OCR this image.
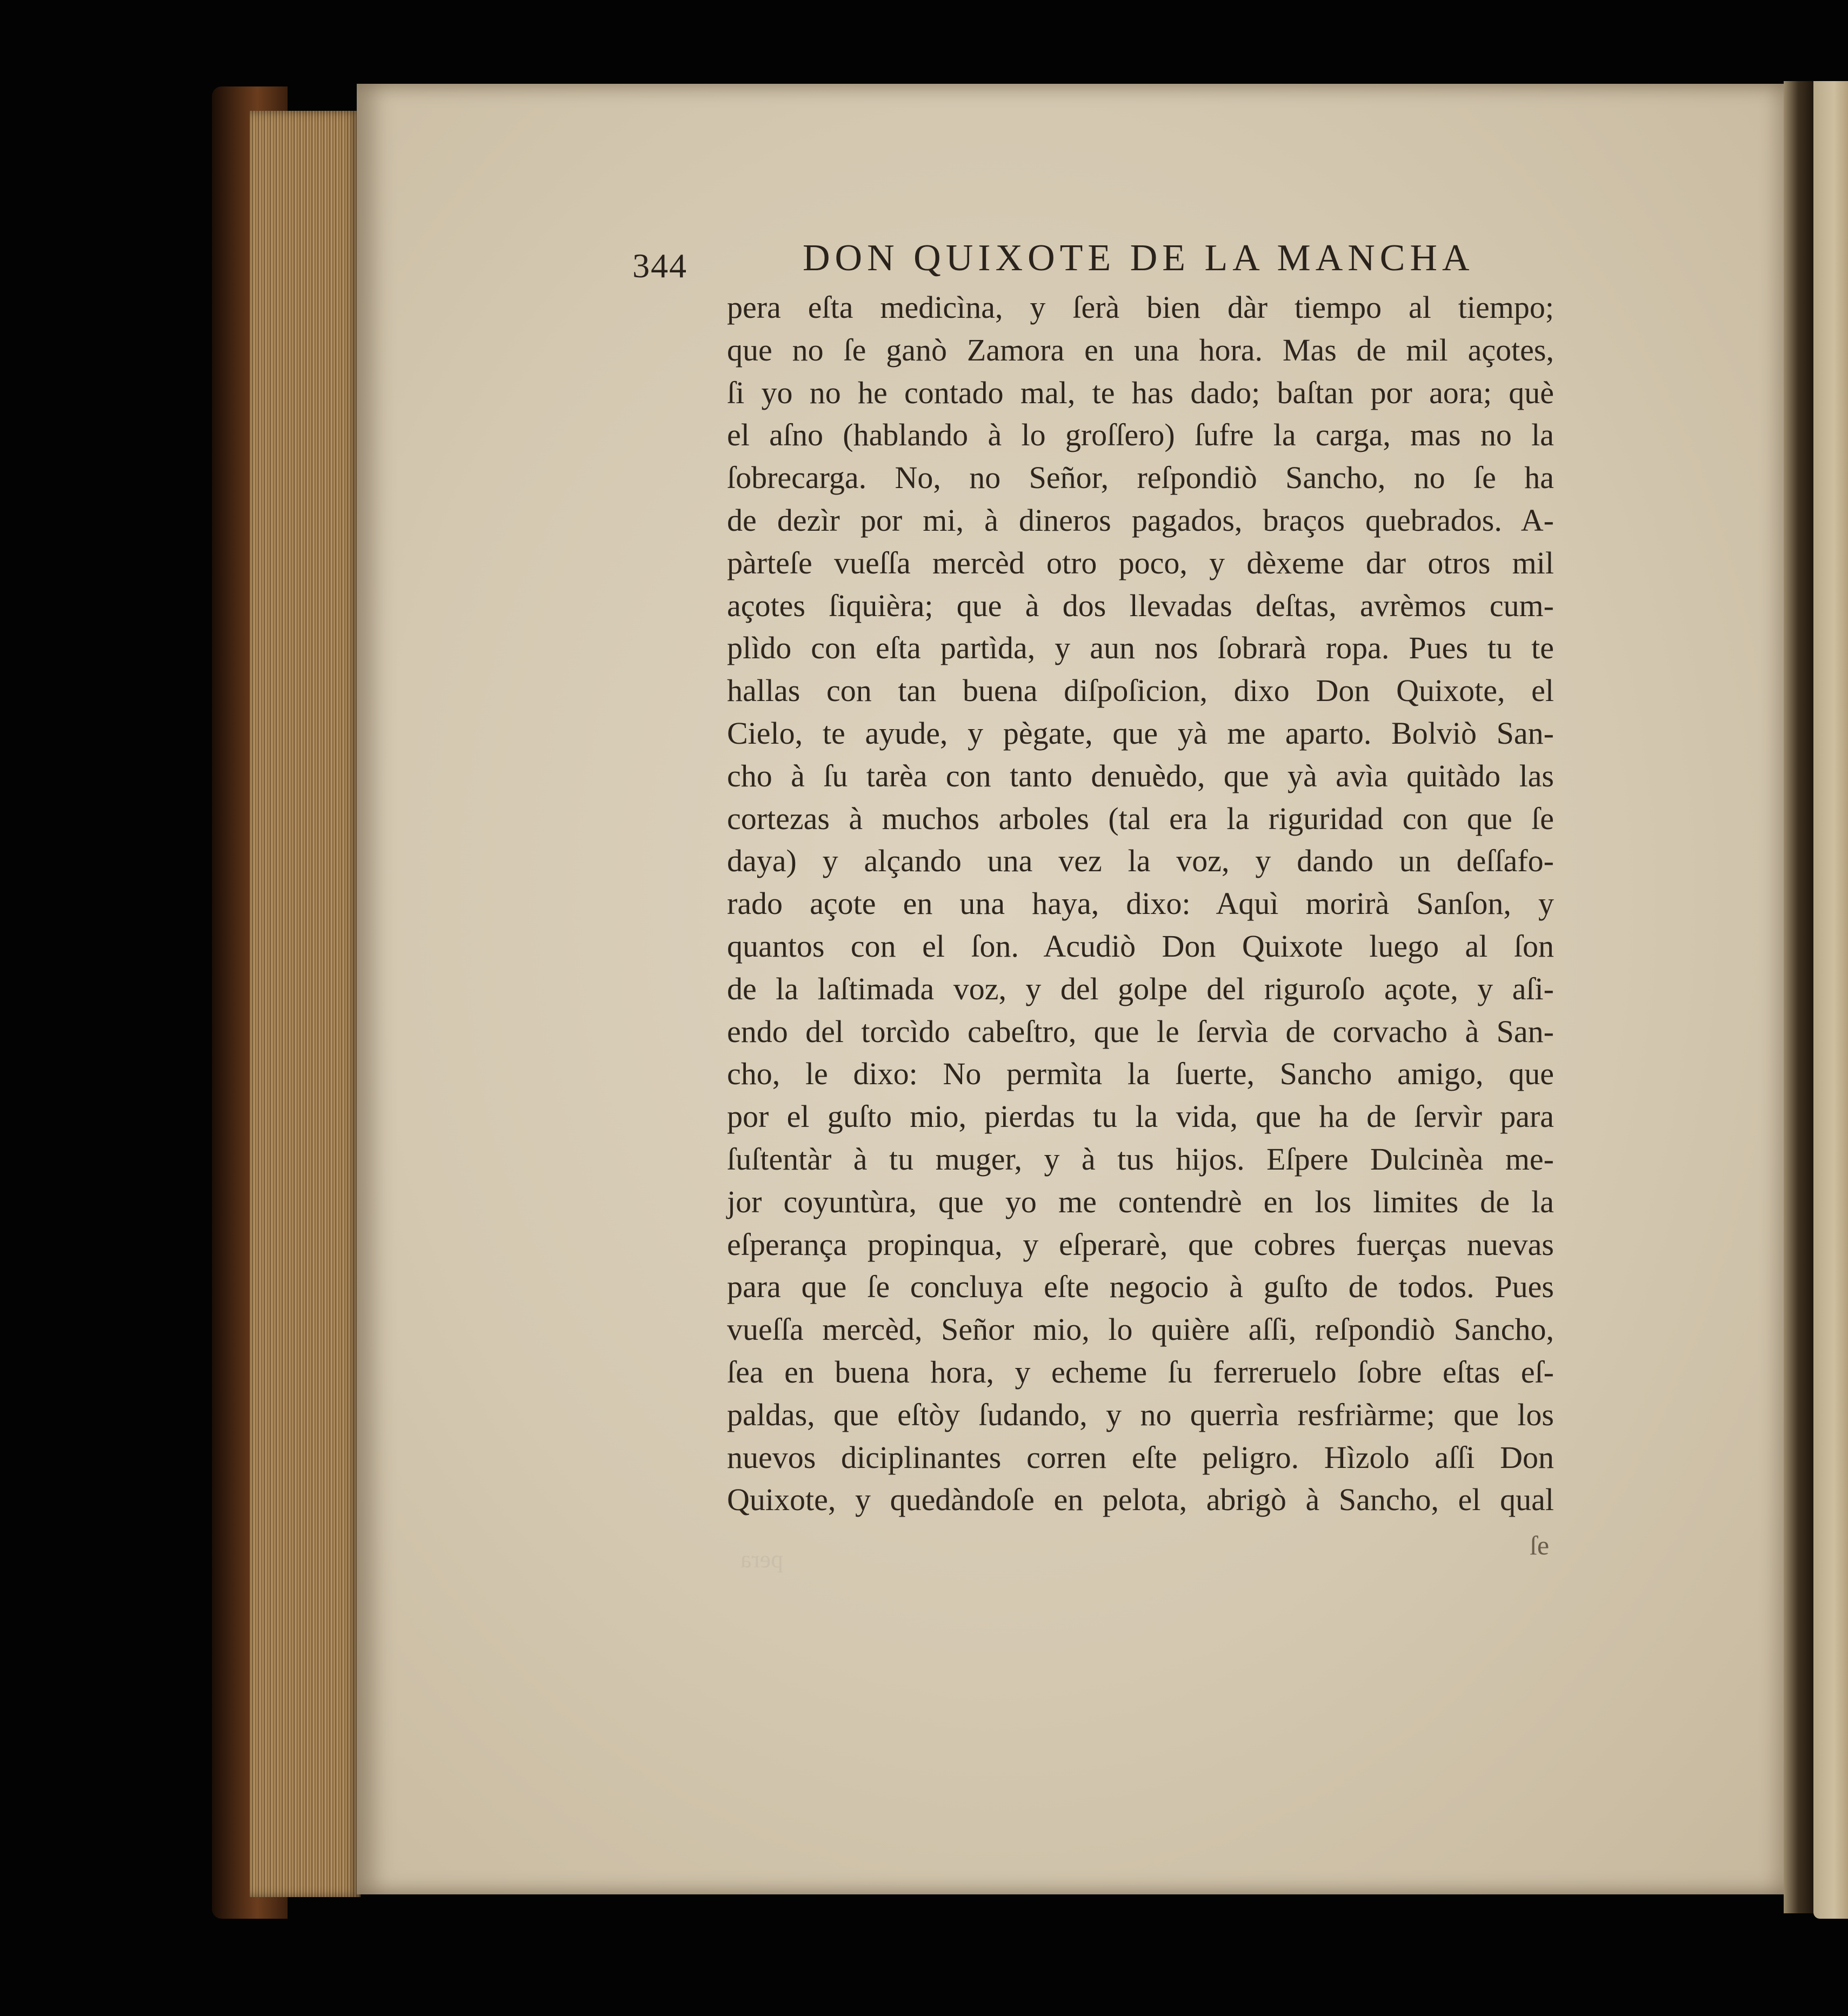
344	DON QUIXOTE DE LA MANCHA
pera eſta medicìna, y ſerà bien dàr tiempo al tiempo;
que no ſe ganò Zamora en una hora. Mas de mil açotes,
ſi yo no he contado mal, te has dado; baſtan por aora; què
el aſno (hablando à lo groſſero) ſufre la carga, mas no la
ſobrecarga. No, no Señor, reſpondiò Sancho, no ſe ha
de dezìr por mi, à dineros pagados, braços quebrados. A-
pàrteſe vueſſa mercèd otro poco, y dèxeme dar otros mil
açotes ſiquièra; que à dos llevadas deſtas, avrèmos cum-
plìdo con eſta partìda, y aun nos ſobrarà ropa. Pues tu te
hallas con tan buena diſpoſicion, dixo Don Quixote, el
Cielo, te ayude, y pègate, que yà me aparto. Bolviò San-
cho à ſu tarèa con tanto denuèdo, que yà avìa quitàdo las
cortezas à muchos arboles (tal era la riguridad con que ſe
daya) y alçando una vez la voz, y dando un deſſafo-
rado açote en una haya, dixo: Aquì morirà Sanſon, y
quantos con el ſon. Acudiò Don Quixote luego al ſon
de la laſtimada voz, y del golpe del riguroſo açote, y aſi-
endo del torcìdo cabeſtro, que le ſervìa de corvacho à San-
cho, le dixo: No permìta la ſuerte, Sancho amigo, que
por el guſto mio, pierdas tu la vida, que ha de ſervìr para
ſuſtentàr à tu muger, y à tus hijos. Eſpere Dulcinèa me-
jor coyuntùra, que yo me contendrè en los limites de la
eſperança propinqua, y eſperarè, que cobres fuerças nuevas
para que ſe concluya eſte negocio à guſto de todos. Pues
vueſſa mercèd, Señor mio, lo quière aſſi, reſpondiò Sancho,
ſea en buena hora, y echeme ſu ferreruelo ſobre eſtas eſ-
paldas, que eſtòy ſudando, y no querrìa resfriàrme; que los
nuevos diciplinantes corren eſte peligro. Hìzolo aſſi Don
Quixote, y quedàndoſe en pelota, abrigò à Sancho, el qual
pera	ſe
